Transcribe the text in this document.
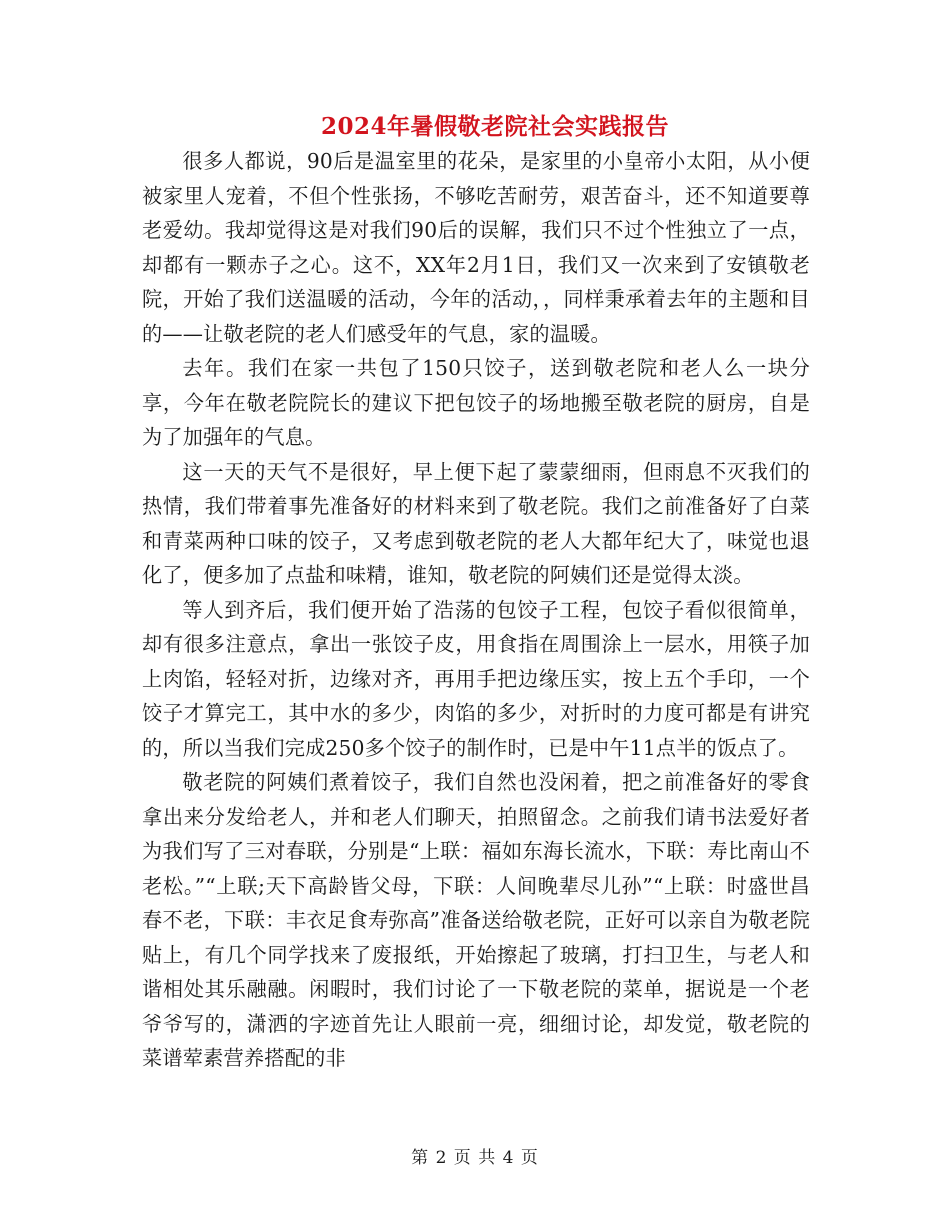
2024年暑假敬老院社会实践报告

很多人都说，90后是温室里的花朵，是家里的小皇帝小太阳，从小便被家里人宠着，不但个性张扬，不够吃苦耐劳，艰苦奋斗，还不知道要尊老爱幼。我却觉得这是对我们90后的误解，我们只不过个性独立了一点，却都有一颗赤子之心。这不，XX年2月1日，我们又一次来到了安镇敬老院，开始了我们送温暖的活动，今年的活动，，同样秉承着去年的主题和目的——让敬老院的老人们感受年的气息，家的温暖。

去年。我们在家一共包了150只饺子，送到敬老院和老人么一块分享，今年在敬老院院长的建议下把包饺子的场地搬至敬老院的厨房，自是为了加强年的气息。

这一天的天气不是很好，早上便下起了蒙蒙细雨，但雨息不灭我们的热情，我们带着事先准备好的材料来到了敬老院。我们之前准备好了白菜和青菜两种口味的饺子，又考虑到敬老院的老人大都年纪大了，味觉也退化了，便多加了点盐和味精，谁知，敬老院的阿姨们还是觉得太淡。

等人到齐后，我们便开始了浩荡的包饺子工程，包饺子看似很简单，却有很多注意点，拿出一张饺子皮，用食指在周围涂上一层水，用筷子加上肉馅，轻轻对折，边缘对齐，再用手把边缘压实，按上五个手印，一个饺子才算完工，其中水的多少，肉馅的多少，对折时的力度可都是有讲究的，所以当我们完成250多个饺子的制作时，已是中午11点半的饭点了。

敬老院的阿姨们煮着饺子，我们自然也没闲着，把之前准备好的零食拿出来分发给老人，并和老人们聊天，拍照留念。之前我们请书法爱好者为我们写了三对春联，分别是“上联：福如东海长流水，下联：寿比南山不老松。”“上联;天下高龄皆父母，下联：人间晚辈尽儿孙”“上联：时盛世昌春不老，下联：丰衣足食寿弥高”准备送给敬老院，正好可以亲自为敬老院贴上，有几个同学找来了废报纸，开始擦起了玻璃，打扫卫生，与老人和谐相处其乐融融。闲暇时，我们讨论了一下敬老院的菜单，据说是一个老爷爷写的，潇洒的字迹首先让人眼前一亮，细细讨论，却发觉，敬老院的菜谱荤素营养搭配的非

第 2 页 共 4 页
